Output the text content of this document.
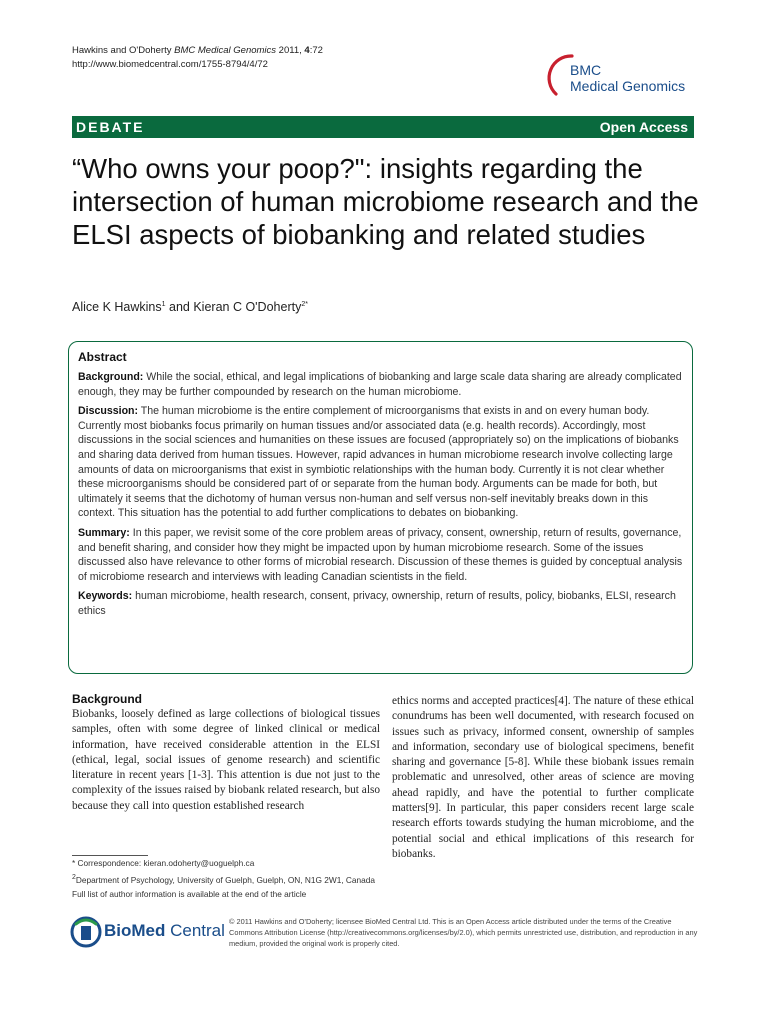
Hawkins and O'Doherty BMC Medical Genomics 2011, 4:72
http://www.biomedcentral.com/1755-8794/4/72	BMC
Medical Genomics
DEBATE	Open Access
“Who owns your poop?": insights regarding the intersection of human microbiome research and the ELSI aspects of biobanking and related studies
Alice K Hawkins$^1$ and Kieran C O'Doherty$^{2*}$
Abstract

Background: While the social, ethical, and legal implications of biobanking and large scale data sharing are already complicated enough, they may be further compounded by research on the human microbiome.

Discussion: The human microbiome is the entire complement of microorganisms that exists in and on every human body. Currently most biobanks focus primarily on human tissues and/or associated data (e.g. health records). Accordingly, most discussions in the social sciences and humanities on these issues are focused (appropriately so) on the implications of biobanks and sharing data derived from human tissues. However, rapid advances in human microbiome research involve collecting large amounts of data on microorganisms that exist in symbiotic relationships with the human body. Currently it is not clear whether these microorganisms should be considered part of or separate from the human body. Arguments can be made for both, but ultimately it seems that the dichotomy of human versus non-human and self versus non-self inevitably breaks down in this context. This situation has the potential to add further complications to debates on biobanking.

Summary: In this paper, we revisit some of the core problem areas of privacy, consent, ownership, return of results, governance, and benefit sharing, and consider how they might be impacted upon by human microbiome research. Some of the issues discussed also have relevance to other forms of microbial research. Discussion of these themes is guided by conceptual analysis of microbiome research and interviews with leading Canadian scientists in the field.

Keywords: human microbiome, health research, consent, privacy, ownership, return of results, policy, biobanks, ELSI, research ethics

Background

Biobanks, loosely defined as large collections of biological tissues samples, often with some degree of linked clinical or medical information, have received considerable attention in the ELSI (ethical, legal, social issues of genome research) and scientific literature in recent years [1-3]. This attention is due not just to the complexity of the issues raised by biobank related research, but also because they call into question established research

ethics norms and accepted practices[4]. The nature of these ethical conundrums has been well documented, with research focused on issues such as privacy, informed consent, ownership of samples and information, secondary use of biological specimens, benefit sharing and governance [5-8]. While these biobank issues remain problematic and unresolved, other areas of science are moving ahead rapidly, and have the potential to further complicate matters[9]. In particular, this paper considers recent large scale research efforts towards studying the human microbiome, and the potential social and ethical implications of this research for biobanks.

* Correspondence: kieran.odoherty@uoguelph.ca
$^2$Department of Psychology, University of Guelph, Guelph, ON, N1G 2W1, Canada
Full list of author information is available at the end of the article
BioMed Central © 2011 Hawkins and O'Doherty; licensee BioMed Central Ltd. This is an Open Access article distributed under the terms of the Creative Commons Attribution License (http://creativecommons.org/licenses/by/2.0), which permits unrestricted use, distribution, and reproduction in any medium, provided the original work is properly cited.
